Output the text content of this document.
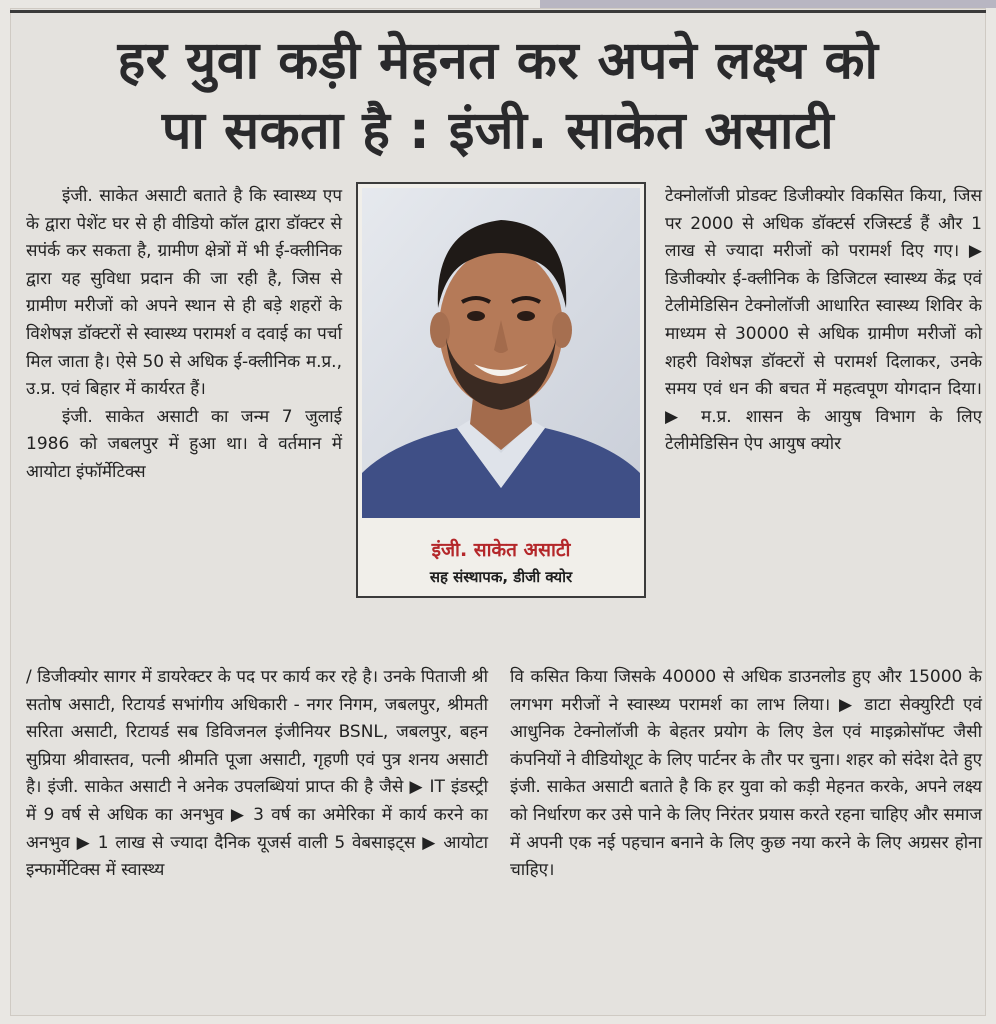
हर युवा कड़ी मेहनत कर अपने लक्ष्य को
पा सकता है : इंजी. साकेत असाटी

इंजी. साकेत असाटी बताते है कि स्वास्थ्य एप के द्वारा पेशेंट घर से ही वीडियो कॉल द्वारा डॉक्टर से सपंर्क कर सकता है, ग्रामीण क्षेत्रों में भी ई-क्लीनिक द्वारा यह सुविधा प्रदान की जा रही है, जिस से ग्रामीण मरीजों को अपने स्थान से ही बड़े शहरों के विशेषज्ञ डॉक्टरों से स्वास्थ्य परामर्श व दवाई का पर्चा मिल जाता है। ऐसे 50 से अधिक ई-क्लीनिक म.प्र., उ.प्र. एवं बिहार में कार्यरत हैं।

इंजी. साकेत असाटी का जन्म 7 जुलाई 1986 को जबलपुर में हुआ था। वे वर्तमान में आयोटा इंफॉर्मेटिक्स

इंजी. साकेत असाटी
सह संस्थापक, डीजी क्योर

टेक्नोलॉजी प्रोडक्ट डिजीक्योर विकसित किया, जिस पर 2000 से अधिक डॉक्टर्स रजिस्टर्ड हैं और 1 लाख से ज्यादा मरीजों को परामर्श दिए गए। ▶ डिजीक्योर ई-क्लीनिक के डिजिटल स्वास्थ्य केंद्र एवं टेलीमेडिसिन टेक्नोलॉजी आधारित स्वास्थ्य शिविर के माध्यम से 30000 से अधिक ग्रामीण मरीजों को शहरी विशेषज्ञ डॉक्टरों से परामर्श दिलाकर, उनके समय एवं धन की बचत में महत्वपूण योगदान दिया। ▶ म.प्र. शासन के आयुष विभाग के लिए टेलीमेडिसिन ऐप आयुष क्योर

/ डिजीक्योर सागर में डायरेक्टर के पद पर कार्य कर रहे है। उनके पिताजी श्री सतोष असाटी, रिटायर्ड सभांगीय अधिकारी - नगर निगम, जबलपुर, श्रीमती सरिता असाटी, रिटायर्ड सब डिविजनल इंजीनियर BSNL, जबलपुर, बहन सुप्रिया श्रीवास्तव, पत्नी श्रीमति पूजा असाटी, गृहणी एवं पुत्र शनय असाटी है। इंजी. साकेत असाटी ने अनेक उपलब्धियां प्राप्त की है जैसे ▶ IT इंडस्ट्री में 9 वर्ष से अधिक का अनभुव ▶ 3 वर्ष का अमेरिका में कार्य करने का अनभुव ▶ 1 लाख से ज्यादा दैनिक यूजर्स वाली 5 वेबसाइट्स ▶ आयोटा इन्फार्मेटिक्स में स्वास्थ्य

वि कसित किया जिसके 40000 से अधिक डाउनलोड हुए और 15000 के लगभग मरीजों ने स्वास्थ्य परामर्श का लाभ लिया। ▶ डाटा सेक्युरिटी एवं आधुनिक टेक्नोलॉजी के बेहतर प्रयोग के लिए डेल एवं माइक्रोसॉफ्ट जैसी कंपनियों ने वीडियोशूट के लिए पार्टनर के तौर पर चुना। शहर को संदेश देते हुए इंजी. साकेत असाटी बताते है कि हर युवा को कड़ी मेहनत करके, अपने लक्ष्य को निर्धारण कर उसे पाने के लिए निरंतर प्रयास करते रहना चाहिए और समाज में अपनी एक नई पहचान बनाने के लिए कुछ नया करने के लिए अग्रसर होना चाहिए।
